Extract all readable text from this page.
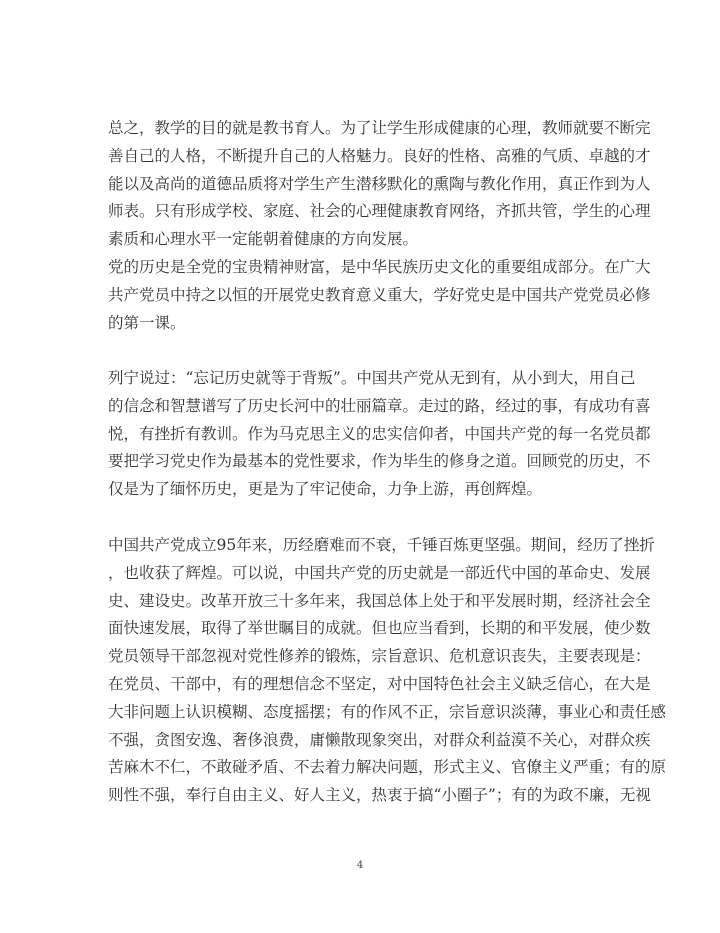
总之，教学的目的就是教书育人。为了让学生形成健康的心理，教师就要不断完
善自己的人格，不断提升自己的人格魅力。良好的性格、高雅的气质、卓越的才
能以及高尚的道德品质将对学生产生潜移默化的熏陶与教化作用，真正作到为人
师表。只有形成学校、家庭、社会的心理健康教育网络，齐抓共管，学生的心理
素质和心理水平一定能朝着健康的方向发展。
党的历史是全党的宝贵精神财富，是中华民族历史文化的重要组成部分。在广大
共产党员中持之以恒的开展党史教育意义重大，学好党史是中国共产党党员必修
的第一课。
列宁说过：“忘记历史就等于背叛”。中国共产党从无到有，从小到大，用自己
的信念和智慧谱写了历史长河中的壮丽篇章。走过的路，经过的事，有成功有喜
悦，有挫折有教训。作为马克思主义的忠实信仰者，中国共产党的每一名党员都
要把学习党史作为最基本的党性要求，作为毕生的修身之道。回顾党的历史，不
仅是为了缅怀历史，更是为了牢记使命，力争上游，再创辉煌。
中国共产党成立95年来，历经磨难而不衰，千锤百炼更坚强。期间，经历了挫折
，也收获了辉煌。可以说，中国共产党的历史就是一部近代中国的革命史、发展
史、建设史。改革开放三十多年来，我国总体上处于和平发展时期，经济社会全
面快速发展，取得了举世瞩目的成就。但也应当看到，长期的和平发展，使少数
党员领导干部忽视对党性修养的锻炼，宗旨意识、危机意识丧失，主要表现是：
在党员、干部中，有的理想信念不坚定，对中国特色社会主义缺乏信心，在大是
大非问题上认识模糊、态度摇摆；有的作风不正，宗旨意识淡薄，事业心和责任感
不强，贪图安逸、奢侈浪费，庸懒散现象突出，对群众利益漠不关心，对群众疾
苦麻木不仁，不敢碰矛盾、不去着力解决问题，形式主义、官僚主义严重；有的原
则性不强，奉行自由主义、好人主义，热衷于搞“小圈子”；有的为政不廉，无视
4
